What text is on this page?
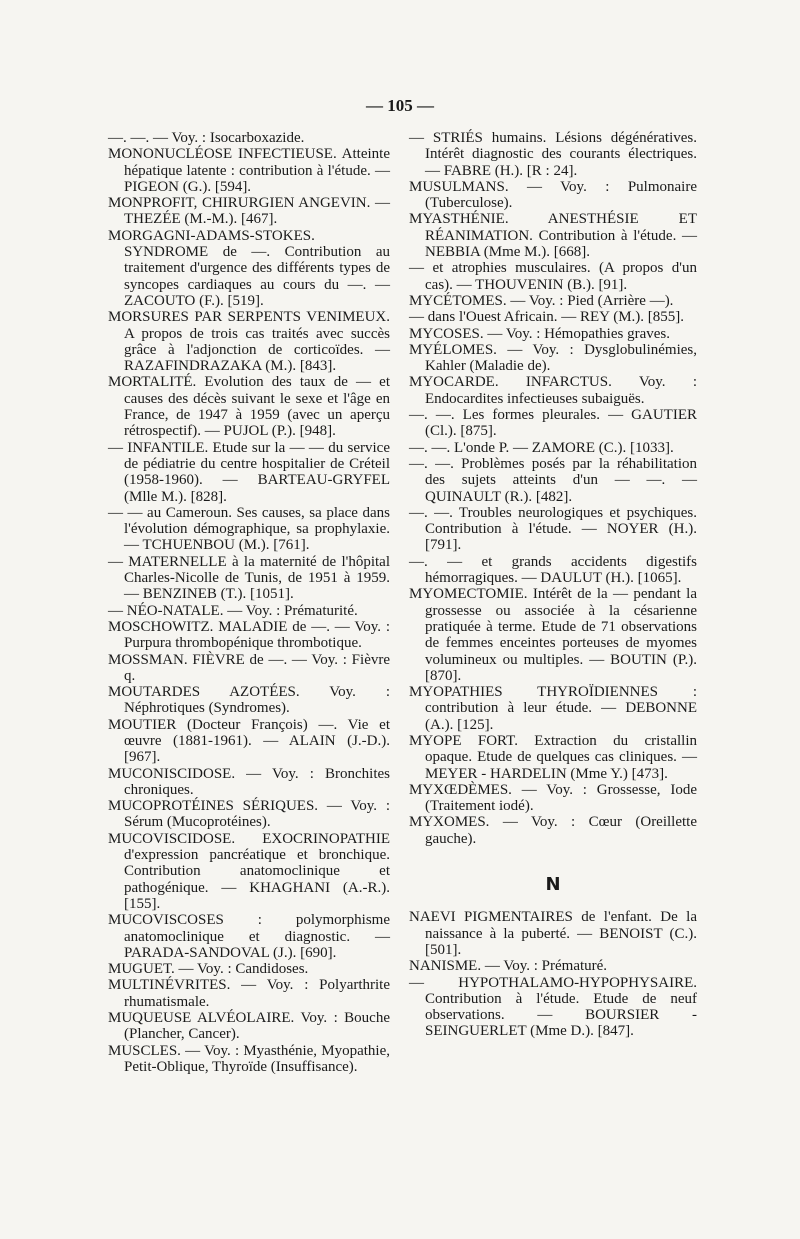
— 105 —

—. —. — Voy. : Isocarboxazide.

MONONUCLÉOSE INFECTIEUSE. Atteinte hépatique latente : contribution à l'étude. — PIGEON (G.). [594].

MONPROFIT, CHIRURGIEN ANGEVIN. — THEZÉE (M.-M.). [467].

MORGAGNI-ADAMS-STOKES. SYNDROME de —. Contribution au traitement d'urgence des différents types de syncopes cardiaques au cours du —. — ZACOUTO (F.). [519].

MORSURES PAR SERPENTS VENIMEUX. A propos de trois cas traités avec succès grâce à l'adjonction de corticoïdes. — RAZAFINDRAZAKA (M.). [843].

MORTALITÉ. Evolution des taux de — et causes des décès suivant le sexe et l'âge en France, de 1947 à 1959 (avec un aperçu rétrospectif). — PUJOL (P.). [948].

— INFANTILE. Etude sur la — — du service de pédiatrie du centre hospitalier de Créteil (1958-1960). — BARTEAU-GRYFEL (Mlle M.). [828].

— — au Cameroun. Ses causes, sa place dans l'évolution démographique, sa prophylaxie. — TCHUENBOU (M.). [761].

— MATERNELLE à la maternité de l'hôpital Charles-Nicolle de Tunis, de 1951 à 1959. — BENZINEB (T.). [1051].

— NÉO-NATALE. — Voy. : Prématurité.

MOSCHOWITZ. MALADIE de —. — Voy. : Purpura thrombopénique thrombotique.

MOSSMAN. FIÈVRE de —. — Voy. : Fièvre q.

MOUTARDES AZOTÉES. Voy. : Néphrotiques (Syndromes).

MOUTIER (Docteur François) —. Vie et œuvre (1881-1961). — ALAIN (J.-D.). [967].

MUCONISCIDOSE. — Voy. : Bronchites chroniques.

MUCOPROTÉINES SÉRIQUES. — Voy. : Sérum (Mucoprotéines).

MUCOVISCIDOSE. EXOCRINOPATHIE d'expression pancréatique et bronchique. Contribution anatomoclinique et pathogénique. — KHAGHANI (A.-R.). [155].

MUCOVISCOSES : polymorphisme anatomoclinique et diagnostic. — PARADA-SANDOVAL (J.). [690].

MUGUET. — Voy. : Candidoses.

MULTINÉVRITES. — Voy. : Polyarthrite rhumatismale.

MUQUEUSE ALVÉOLAIRE. Voy. : Bouche (Plancher, Cancer).

MUSCLES. — Voy. : Myasthénie, Myopathie, Petit-Oblique, Thyroïde (Insuffisance).

— STRIÉS humains. Lésions dégénératives. Intérêt diagnostic des courants électriques. — FABRE (H.). [R : 24].

MUSULMANS. — Voy. : Pulmonaire (Tuberculose).

MYASTHÉNIE. ANESTHÉSIE ET RÉANIMATION. Contribution à l'étude. — NEBBIA (Mme M.). [668].

— et atrophies musculaires. (A propos d'un cas). — THOUVENIN (B.). [91].

MYCÉTOMES. — Voy. : Pied (Arrière —).

— dans l'Ouest Africain. — REY (M.). [855].

MYCOSES. — Voy. : Hémopathies graves.

MYÉLOMES. — Voy. : Dysglobulinémies, Kahler (Maladie de).

MYOCARDE. INFARCTUS. Voy. : Endocardites infectieuses subaiguës.

—. —. Les formes pleurales. — GAUTIER (Cl.). [875].

—. —. L'onde P. — ZAMORE (C.). [1033].

—. —. Problèmes posés par la réhabilitation des sujets atteints d'un — —. — QUINAULT (R.). [482].

—. —. Troubles neurologiques et psychiques. Contribution à l'étude. — NOYER (H.). [791].

—. — et grands accidents digestifs hémorragiques. — DAULUT (H.). [1065].

MYOMECTOMIE. Intérêt de la — pendant la grossesse ou associée à la césarienne pratiquée à terme. Etude de 71 observations de femmes enceintes porteuses de myomes volumineux ou multiples. — BOUTIN (P.). [870].

MYOPATHIES THYROÏDIENNES : contribution à leur étude. — DEBONNE (A.). [125].

MYOPE FORT. Extraction du cristallin opaque. Etude de quelques cas cliniques. — MEYER - HARDELIN (Mme Y.) [473].

MYXŒDÈMES. — Voy. : Grossesse, Iode (Traitement iodé).

MYXOMES. — Voy. : Cœur (Oreillette gauche).

N

NAEVI PIGMENTAIRES de l'enfant. De la naissance à la puberté. — BENOIST (C.). [501].

NANISME. — Voy. : Prématuré.

— HYPOTHALAMO-HYPOPHYSAIRE. Contribution à l'étude. Etude de neuf observations. — BOURSIER - SEINGUERLET (Mme D.). [847].
